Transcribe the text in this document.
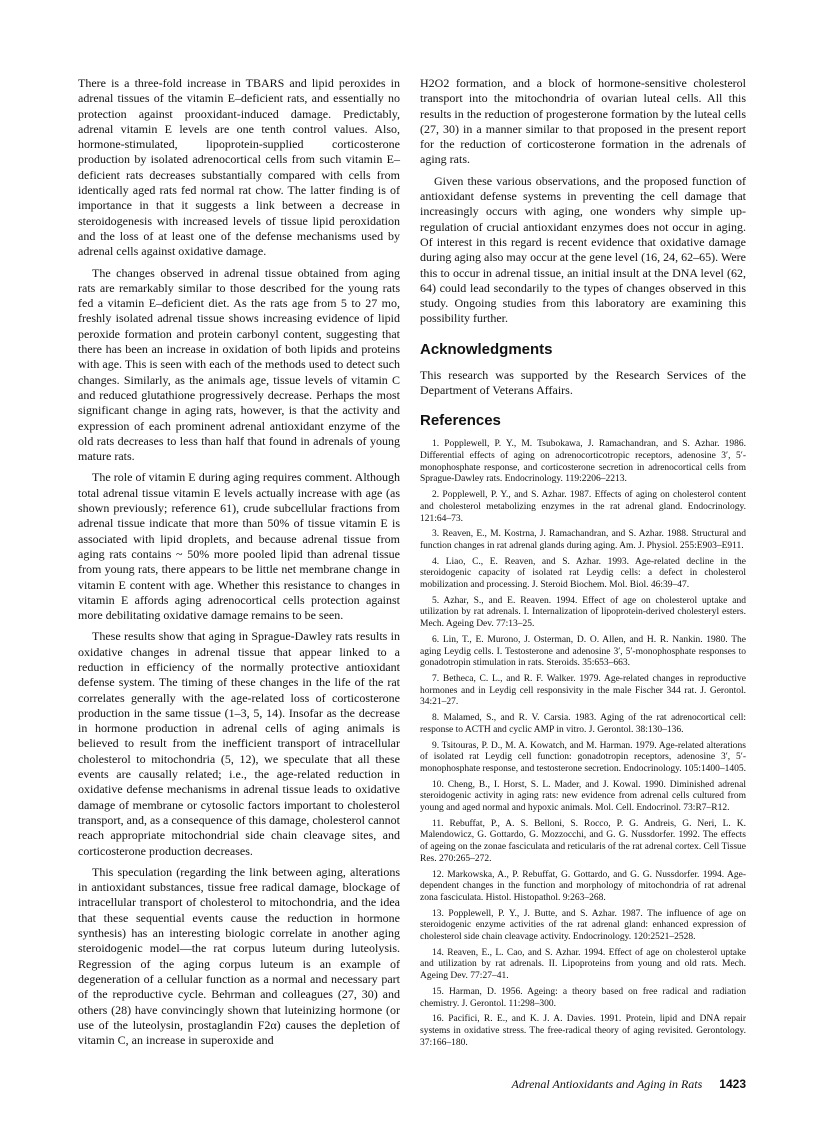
There is a three-fold increase in TBARS and lipid peroxides in adrenal tissues of the vitamin E–deficient rats, and essentially no protection against prooxidant-induced damage. Predictably, adrenal vitamin E levels are one tenth control values. Also, hormone-stimulated, lipoprotein-supplied corticosterone production by isolated adrenocortical cells from such vitamin E–deficient rats decreases substantially compared with cells from identically aged rats fed normal rat chow. The latter finding is of importance in that it suggests a link between a decrease in steroidogenesis with increased levels of tissue lipid peroxidation and the loss of at least one of the defense mechanisms used by adrenal cells against oxidative damage.

The changes observed in adrenal tissue obtained from aging rats are remarkably similar to those described for the young rats fed a vitamin E–deficient diet. As the rats age from 5 to 27 mo, freshly isolated adrenal tissue shows increasing evidence of lipid peroxide formation and protein carbonyl content, suggesting that there has been an increase in oxidation of both lipids and proteins with age. This is seen with each of the methods used to detect such changes. Similarly, as the animals age, tissue levels of vitamin C and reduced glutathione progressively decrease. Perhaps the most significant change in aging rats, however, is that the activity and expression of each prominent adrenal antioxidant enzyme of the old rats decreases to less than half that found in adrenals of young mature rats.

The role of vitamin E during aging requires comment. Although total adrenal tissue vitamin E levels actually increase with age (as shown previously; reference 61), crude subcellular fractions from adrenal tissue indicate that more than 50% of tissue vitamin E is associated with lipid droplets, and because adrenal tissue from aging rats contains ~ 50% more pooled lipid than adrenal tissue from young rats, there appears to be little net membrane change in vitamin E content with age. Whether this resistance to changes in vitamin E affords aging adrenocortical cells protection against more debilitating oxidative damage remains to be seen.

These results show that aging in Sprague-Dawley rats results in oxidative changes in adrenal tissue that appear linked to a reduction in efficiency of the normally protective antioxidant defense system. The timing of these changes in the life of the rat correlates generally with the age-related loss of corticosterone production in the same tissue (1–3, 5, 14). Insofar as the decrease in hormone production in adrenal cells of aging animals is believed to result from the inefficient transport of intracellular cholesterol to mitochondria (5, 12), we speculate that all these events are causally related; i.e., the age-related reduction in oxidative defense mechanisms in adrenal tissue leads to oxidative damage of membrane or cytosolic factors important to cholesterol transport, and, as a consequence of this damage, cholesterol cannot reach appropriate mitochondrial side chain cleavage sites, and corticosterone production decreases.

This speculation (regarding the link between aging, alterations in antioxidant substances, tissue free radical damage, blockage of intracellular transport of cholesterol to mitochondria, and the idea that these sequential events cause the reduction in hormone synthesis) has an interesting biologic correlate in another aging steroidogenic model—the rat corpus luteum during luteolysis. Regression of the aging corpus luteum is an example of degeneration of a cellular function as a normal and necessary part of the reproductive cycle. Behrman and colleagues (27, 30) and others (28) have convincingly shown that luteinizing hormone (or use of the luteolysin, prostaglandin F2α) causes the depletion of vitamin C, an increase in superoxide and

H2O2 formation, and a block of hormone-sensitive cholesterol transport into the mitochondria of ovarian luteal cells. All this results in the reduction of progesterone formation by the luteal cells (27, 30) in a manner similar to that proposed in the present report for the reduction of corticosterone formation in the adrenals of aging rats.

Given these various observations, and the proposed function of antioxidant defense systems in preventing the cell damage that increasingly occurs with aging, one wonders why simple up-regulation of crucial antioxidant enzymes does not occur in aging. Of interest in this regard is recent evidence that oxidative damage during aging also may occur at the gene level (16, 24, 62–65). Were this to occur in adrenal tissue, an initial insult at the DNA level (62, 64) could lead secondarily to the types of changes observed in this study. Ongoing studies from this laboratory are examining this possibility further.

Acknowledgments

This research was supported by the Research Services of the Department of Veterans Affairs.

References

1. Popplewell, P. Y., M. Tsubokawa, J. Ramachandran, and S. Azhar. 1986. Differential effects of aging on adrenocorticotropic receptors, adenosine 3′, 5′-monophosphate response, and corticosterone secretion in adrenocortical cells from Sprague-Dawley rats. Endocrinology. 119:2206–2213.

2. Popplewell, P. Y., and S. Azhar. 1987. Effects of aging on cholesterol content and cholesterol metabolizing enzymes in the rat adrenal gland. Endocrinology. 121:64–73.

3. Reaven, E., M. Kostrna, J. Ramachandran, and S. Azhar. 1988. Structural and function changes in rat adrenal glands during aging. Am. J. Physiol. 255:E903–E911.

4. Liao, C., E. Reaven, and S. Azhar. 1993. Age-related decline in the steroidogenic capacity of isolated rat Leydig cells: a defect in cholesterol mobilization and processing. J. Steroid Biochem. Mol. Biol. 46:39–47.

5. Azhar, S., and E. Reaven. 1994. Effect of age on cholesterol uptake and utilization by rat adrenals. I. Internalization of lipoprotein-derived cholesteryl esters. Mech. Ageing Dev. 77:13–25.

6. Lin, T., E. Murono, J. Osterman, D. O. Allen, and H. R. Nankin. 1980. The aging Leydig cells. I. Testosterone and adenosine 3′, 5′-monophosphate responses to gonadotropin stimulation in rats. Steroids. 35:653–663.

7. Betheca, C. L., and R. F. Walker. 1979. Age-related changes in reproductive hormones and in Leydig cell responsivity in the male Fischer 344 rat. J. Gerontol. 34:21–27.

8. Malamed, S., and R. V. Carsia. 1983. Aging of the rat adrenocortical cell: response to ACTH and cyclic AMP in vitro. J. Gerontol. 38:130–136.

9. Tsitouras, P. D., M. A. Kowatch, and M. Harman. 1979. Age-related alterations of isolated rat Leydig cell function: gonadotropin receptors, adenosine 3′, 5′-monophosphate response, and testosterone secretion. Endocrinology. 105:1400–1405.

10. Cheng, B., I. Horst, S. L. Mader, and J. Kowal. 1990. Diminished adrenal steroidogenic activity in aging rats: new evidence from adrenal cells cultured from young and aged normal and hypoxic animals. Mol. Cell. Endocrinol. 73:R7–R12.

11. Rebuffat, P., A. S. Belloni, S. Rocco, P. G. Andreis, G. Neri, L. K. Malendowicz, G. Gottardo, G. Mozzocchi, and G. G. Nussdorfer. 1992. The effects of ageing on the zonae fasciculata and reticularis of the rat adrenal cortex. Cell Tissue Res. 270:265–272.

12. Markowska, A., P. Rebuffat, G. Gottardo, and G. G. Nussdorfer. 1994. Age-dependent changes in the function and morphology of mitochondria of rat adrenal zona fasciculata. Histol. Histopathol. 9:263–268.

13. Popplewell, P. Y., J. Butte, and S. Azhar. 1987. The influence of age on steroidogenic enzyme activities of the rat adrenal gland: enhanced expression of cholesterol side chain cleavage activity. Endocrinology. 120:2521–2528.

14. Reaven, E., L. Cao, and S. Azhar. 1994. Effect of age on cholesterol uptake and utilization by rat adrenals. II. Lipoproteins from young and old rats. Mech. Ageing Dev. 77:27–41.

15. Harman, D. 1956. Ageing: a theory based on free radical and radiation chemistry. J. Gerontol. 11:298–300.

16. Pacifici, R. E., and K. J. A. Davies. 1991. Protein, lipid and DNA repair systems in oxidative stress. The free-radical theory of aging revisited. Gerontology. 37:166–180.

Adrenal Antioxidants and Aging in Rats 1423
